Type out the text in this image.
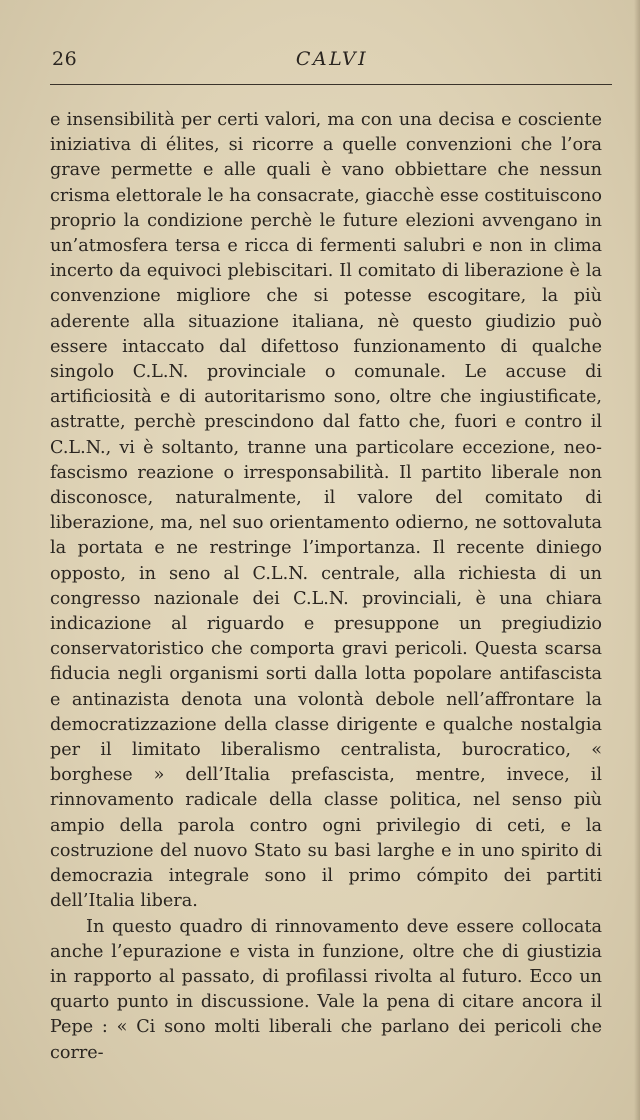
26	CALVI

e insensibilità per certi valori, ma con una decisa e cosciente iniziativa di élites, si ricorre a quelle convenzioni che l’ora grave permette e alle quali è vano obbiettare che nessun crisma elettorale le ha consacrate, giacchè esse costituiscono proprio la condizione perchè le future elezioni avvengano in un’atmosfera tersa e ricca di fermenti salubri e non in clima incerto da equivoci plebiscitari. Il comitato di liberazione è la convenzione migliore che si potesse escogitare, la più aderente alla situazione italiana, nè questo giudizio può essere intaccato dal difettoso funzionamento di qualche singolo C.L.N. provinciale o comunale. Le accuse di artificiosità e di autoritarismo sono, oltre che ingiustificate, astratte, perchè prescindono dal fatto che, fuori e contro il C.L.N., vi è soltanto, tranne una particolare eccezione, neo-fascismo reazione o irresponsabilità. Il partito liberale non disconosce, naturalmente, il valore del comitato di liberazione, ma, nel suo orientamento odierno, ne sottovaluta la portata e ne restringe l’importanza. Il recente diniego opposto, in seno al C.L.N. centrale, alla richiesta di un congresso nazionale dei C.L.N. provinciali, è una chiara indicazione al riguardo e presuppone un pregiudizio conservatoristico che comporta gravi pericoli. Questa scarsa fiducia negli organismi sorti dalla lotta popolare antifascista e antinazista denota una volontà debole nell’affrontare la democratizzazione della classe dirigente e qualche nostalgia per il limitato liberalismo centralista, burocratico, « borghese » dell’Italia prefascista, mentre, invece, il rinnovamento radicale della classe politica, nel senso più ampio della parola contro ogni privilegio di ceti, e la costruzione del nuovo Stato su basi larghe e in uno spirito di democrazia integrale sono il primo cómpito dei partiti dell’Italia libera.

In questo quadro di rinnovamento deve essere collocata anche l’epurazione e vista in funzione, oltre che di giustizia in rapporto al passato, di profilassi rivolta al futuro. Ecco un quarto punto in discussione. Vale la pena di citare ancora il Pepe : « Ci sono molti liberali che parlano dei pericoli che corre-
